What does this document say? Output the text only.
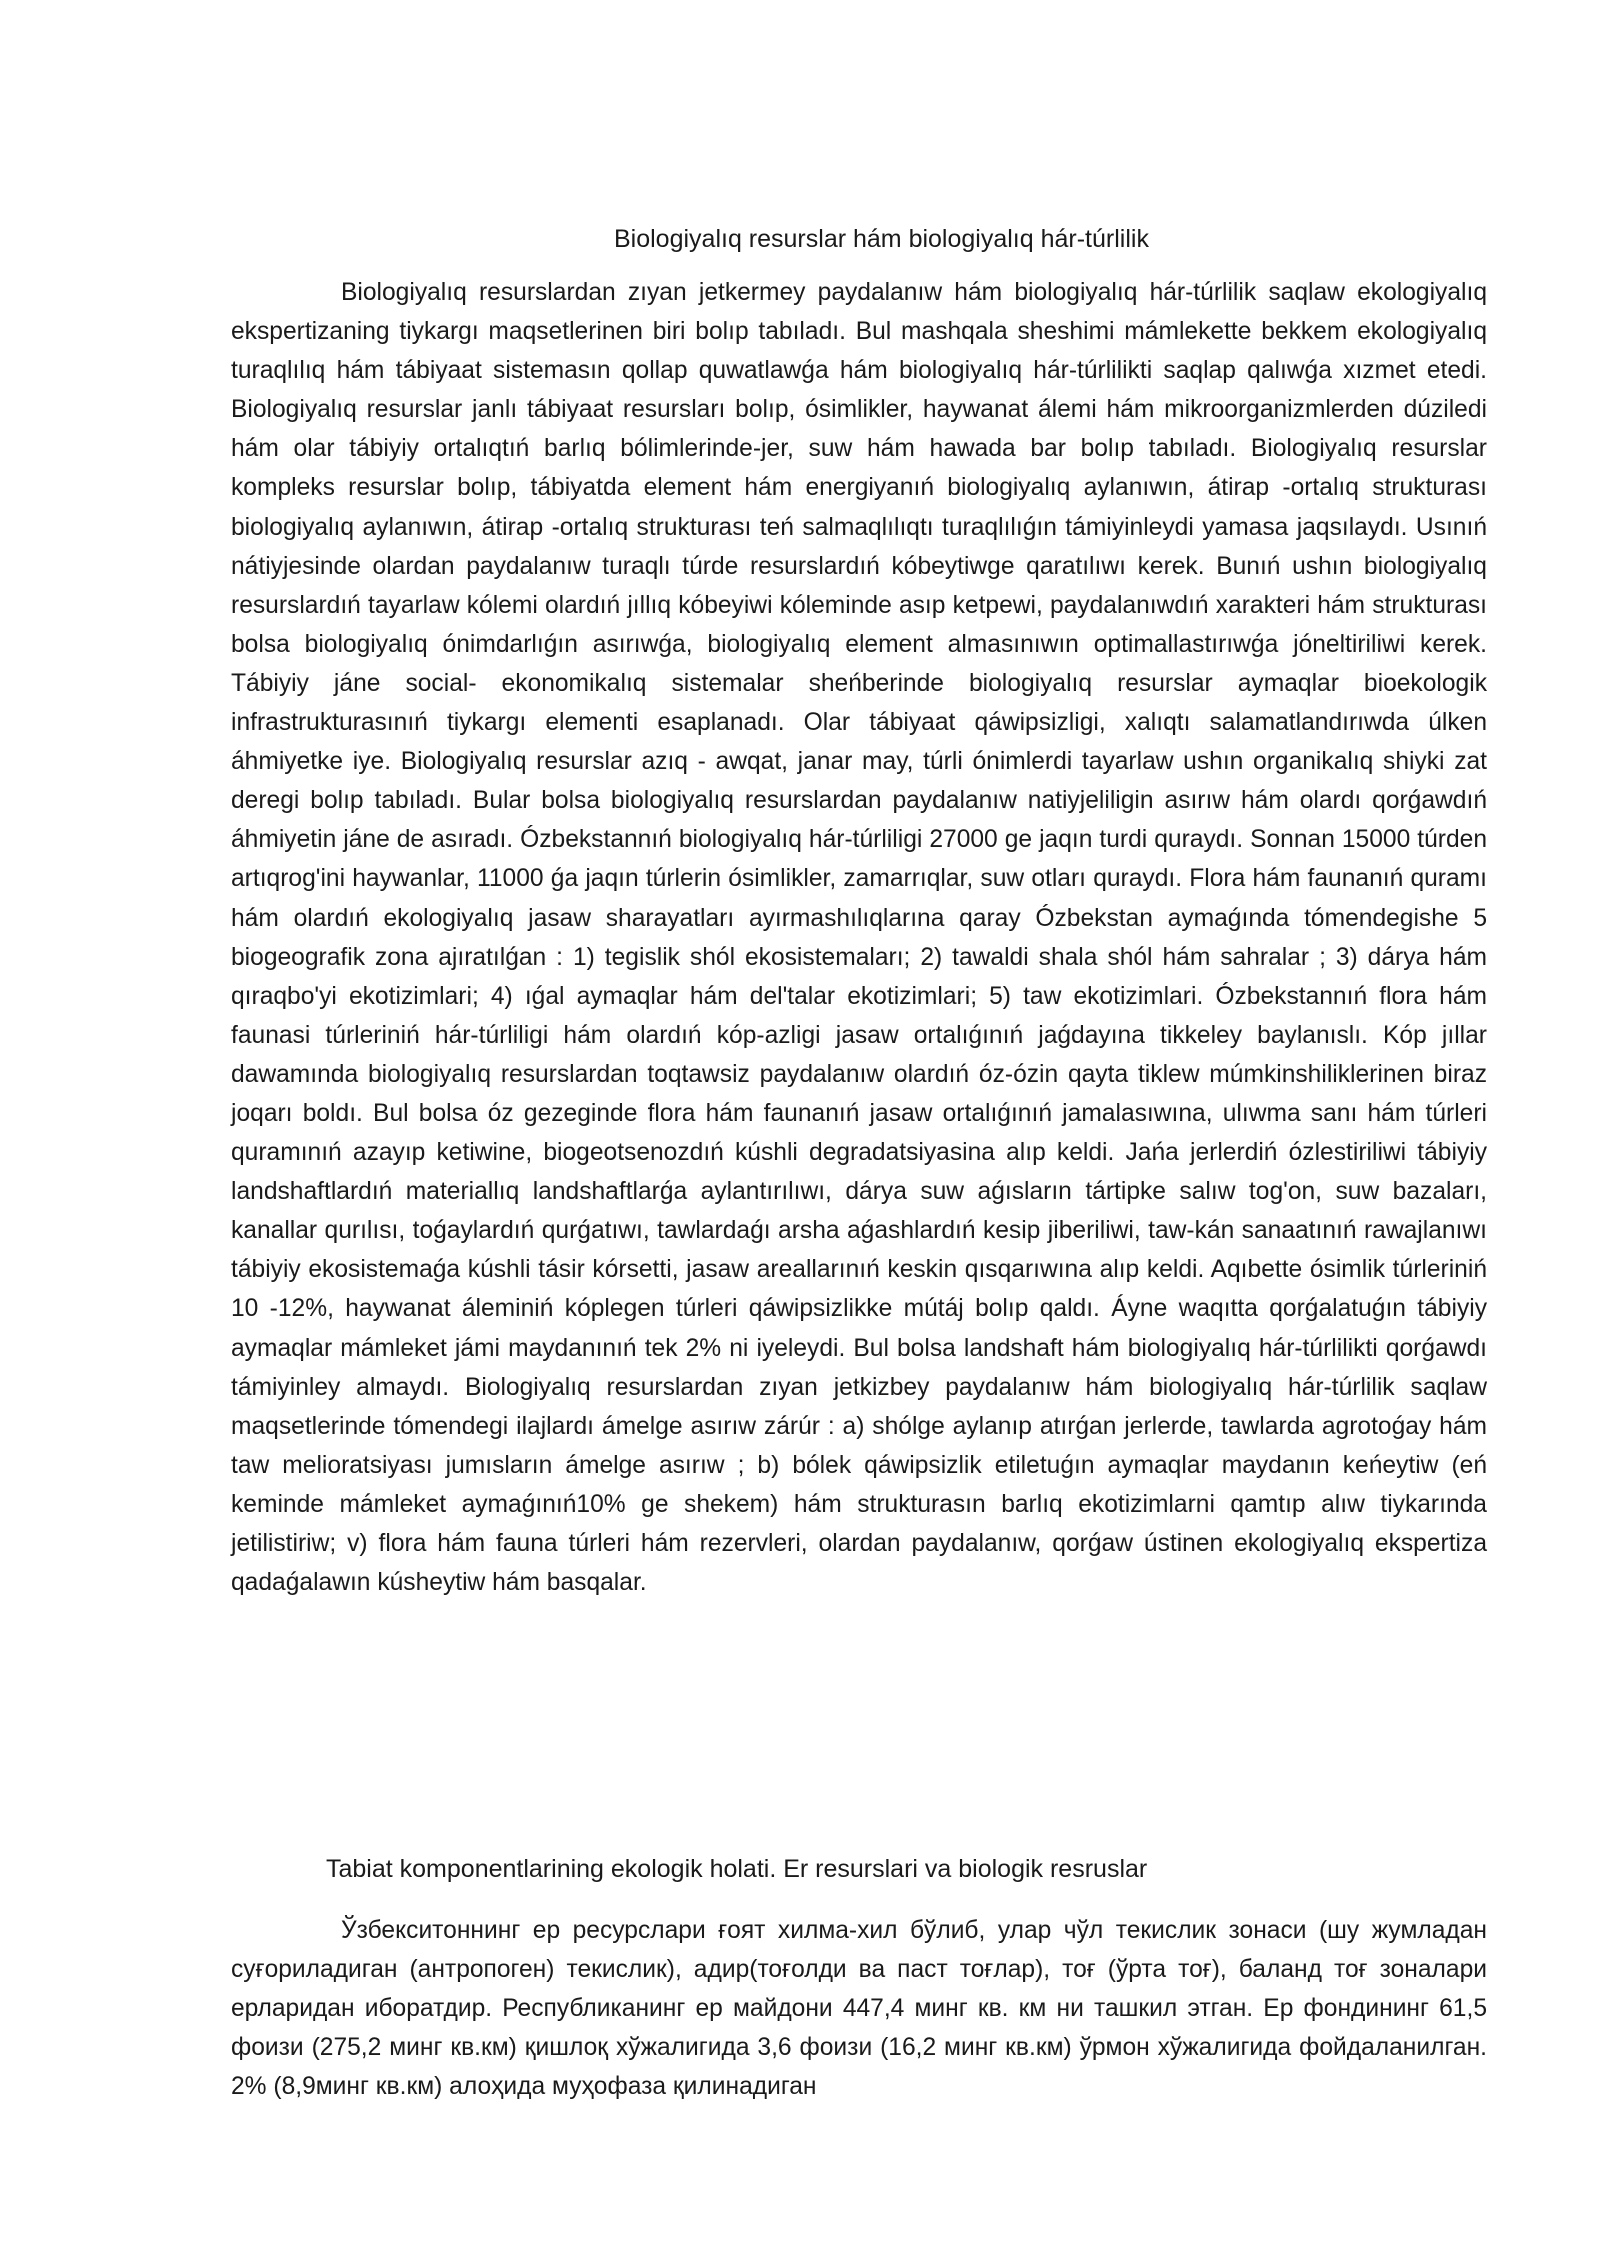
Biologiyalıq resurslar hám biologiyalıq hár-túrlilik

Biologiyalıq resurslardan zıyan jetkermey paydalanıw hám biologiyalıq hár-túrlilik saqlaw ekologiyalıq ekspertizaning tiykargı maqsetlerinen biri bolıp tabıladı. Bul mashqala sheshimi mámlekette bekkem ekologiyalıq turaqlılıq hám tábiyaat sistemasın qollap quwatlawǵa hám biologiyalıq hár-túrlilikti saqlap qalıwǵa xızmet etedi. Biologiyalıq resurslar janlı tábiyaat resursları bolıp, ósimlikler, haywanat álemi hám mikroorganizmlerden dúziledi hám olar tábiyiy ortalıqtıń barlıq bólimlerinde-jer, suw hám hawada bar bolıp tabıladı. Biologiyalıq resurslar kompleks resurslar bolıp, tábiyatda element hám energiyanıń biologiyalıq aylanıwın, átirap -ortalıq strukturası biologiyalıq aylanıwın, átirap -ortalıq strukturası teń salmaqlılıqtı turaqlılıǵın támiyinleydi yamasa jaqsılaydı. Usınıń nátiyjesinde olardan paydalanıw turaqlı túrde resurslardıń kóbeytiwge qaratılıwı kerek. Bunıń ushın biologiyalıq resurslardıń tayarlaw kólemi olardıń jıllıq kóbeyiwi kóleminde asıp ketpewi, paydalanıwdıń xarakteri hám strukturası bolsa biologiyalıq ónimdarlıǵın asırıwǵa, biologiyalıq element almasınıwın optimallastırıwǵa jóneltiriliwi kerek. Tábiyiy jáne social- ekonomikalıq sistemalar sheńberinde biologiyalıq resurslar aymaqlar bioekologik infrastrukturasınıń tiykargı elementi esaplanadı. Olar tábiyaat qáwipsizligi, xalıqtı salamatlandırıwda úlken áhmiyetke iye. Biologiyalıq resurslar azıq - awqat, janar may, túrli ónimlerdi tayarlaw ushın organikalıq shiyki zat deregi bolıp tabıladı. Bular bolsa biologiyalıq resurslardan paydalanıw natiyjeliligin asırıw hám olardı qorǵawdıń áhmiyetin jáne de asıradı. Ózbekstannıń biologiyalıq hár-túrliligi 27000 ge jaqın turdi quraydı. Sonnan 15000 túrden artıqrog'ini haywanlar, 11000 ǵa jaqın túrlerin ósimlikler, zamarrıqlar, suw otları quraydı. Flora hám faunanıń quramı hám olardıń ekologiyalıq jasaw sharayatları ayırmashılıqlarına qaray Ózbekstan aymaǵında tómendegishe 5 biogeografik zona ajıratılǵan : 1) tegislik shól ekosistemaları; 2) tawaldi shala shól hám sahralar ; 3) dárya hám qıraqbo'yi ekotizimlari; 4) ıǵal aymaqlar hám del'talar ekotizimlari; 5) taw ekotizimlari. Ózbekstannıń flora hám faunasi túrleriniń hár-túrliligi hám olardıń kóp-azligi jasaw ortalıǵınıń jaǵdayına tikkeley baylanıslı. Kóp jıllar dawamında biologiyalıq resurslardan toqtawsiz paydalanıw olardıń óz-ózin qayta tiklew múmkinshiliklerinen biraz joqarı boldı. Bul bolsa óz gezeginde flora hám faunanıń jasaw ortalıǵınıń jamalasıwına, ulıwma sanı hám túrleri quramınıń azayıp ketiwine, biogeotsenozdıń kúshli degradatsiyasina alıp keldi. Jańa jerlerdiń ózlestiriliwi tábiyiy landshaftlardıń materiallıq landshaftlarǵa aylantırılıwı, dárya suw aǵısların tártipke salıw tog'on, suw bazaları, kanallar qurılısı, toǵaylardıń qurǵatıwı, tawlardaǵı arsha aǵashlardıń kesip jiberiliwi, taw-kán sanaatınıń rawajlanıwı tábiyiy ekosistemaǵa kúshli tásir kórsetti, jasaw areallarınıń keskin qısqarıwına alıp keldi. Aqıbette ósimlik túrleriniń 10 -12%, haywanat áleminiń kóplegen túrleri qáwipsizlikke mútáj bolıp qaldı. Áyne waqıtta qorǵalatuǵın tábiyiy aymaqlar mámleket jámi maydanınıń tek 2% ni iyeleydi. Bul bolsa landshaft hám biologiyalıq hár-túrlilikti qorǵawdı támiyinley almaydı. Biologiyalıq resurslardan zıyan jetkizbey paydalanıw hám biologiyalıq hár-túrlilik saqlaw maqsetlerinde tómendegi ilajlardı ámelge asırıw zárúr : a) shólge aylanıp atırǵan jerlerde, tawlarda agrotoǵay hám taw melioratsiyası jumısların ámelge asırıw ; b) bólek qáwipsizlik etiletuǵın aymaqlar maydanın keńeytiw (eń keminde mámleket aymaǵınıń10% ge shekem) hám strukturasın barlıq ekotizimlarni qamtıp alıw tiykarında jetilistiriw; v) flora hám fauna túrleri hám rezervleri, olardan paydalanıw, qorǵaw ústinen ekologiyalıq ekspertiza qadaǵalawın kúsheytiw hám basqalar.

Tabiat komponentlarining ekologik holati. Er resurslari va biologik resruslar

Ўзбекситоннинг ер ресурслари ғоят хилма-хил бўлиб, улар чўл текислик зонаси (шу жумладан суғориладиган (антропоген) текислик), адир(тоғолди ва паст тоғлар), тоғ (ўрта тоғ), баланд тоғ зоналари ерларидан иборатдир. Республиканинг ер майдони 447,4 минг кв. км ни ташкил этган. Ер фондининг 61,5 фоизи (275,2 минг кв.км) қишлоқ хўжалигида 3,6 фоизи (16,2 минг кв.км) ўрмон хўжалигида фойдаланилган. 2% (8,9минг кв.км) алоҳида муҳофаза қилинадиган
